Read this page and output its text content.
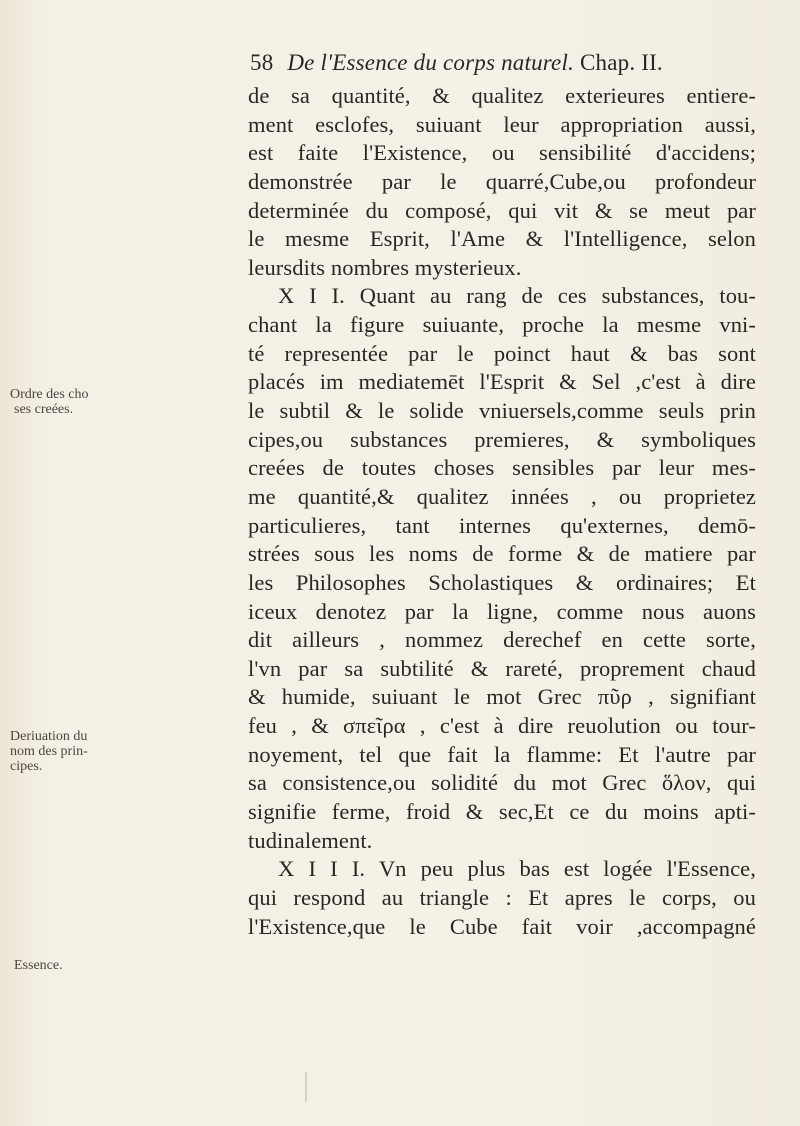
58 De l'Essence du corps naturel. Chap. II.
Ordre des cho
ses creées.
Deriuation du
nom des prin-
cipes.
Essence.
de sa quantité, & qualitez exterieures entiere-
ment esclofes, suiuant leur appropriation aussi,
est faite l'Existence, ou sensibilité d'accidens;
demonstrée par le quarré,Cube,ou profondeur
determinée du composé, qui vit & se meut par
le mesme Esprit, l'Ame & l'Intelligence, selon
leursdits nombres mysterieux.
X I I. Quant au rang de ces substances, tou-
chant la figure suiuante, proche la mesme vni-
té representée par le poinct haut & bas sont
placés im mediatemēt l'Esprit & Sel ,c'est à dire
le subtil & le solide vniuersels,comme seuls prin
cipes,ou substances premieres, & symboliques
creées de toutes choses sensibles par leur mes-
me quantité,& qualitez innées , ou proprietez
particulieres, tant internes qu'externes, demō-
strées sous les noms de forme & de matiere par
les Philosophes Scholastiques & ordinaires; Et
iceux denotez par la ligne, comme nous auons
dit ailleurs , nommez derechef en cette sorte,
l'vn par sa subtilité & rareté, proprement chaud
& humide, suiuant le mot Grec πῦρ , signifiant
feu , & σπεῖρα , c'est à dire reuolution ou tour-
noyement, tel que fait la flamme: Et l'autre par
sa consistence,ou solidité du mot Grec ὅλον, qui
signifie ferme, froid & sec,Et ce du moins apti-
tudinalement.
X I I I. Vn peu plus bas est logée l'Essence,
qui respond au triangle : Et apres le corps, ou
l'Existence,que le Cube fait voir ,accompagné
